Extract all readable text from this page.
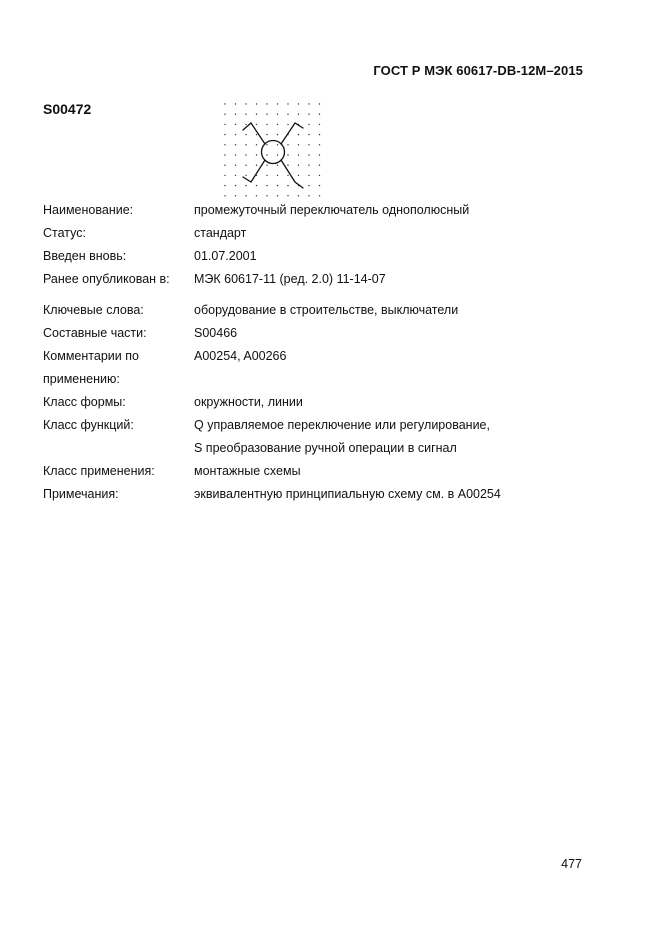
ГОСТ Р МЭК 60617-DB-12M–2015
S00472
Наименование:	промежуточный переключатель однополюсный
Статус:	стандарт
Введен вновь:	01.07.2001
Ранее опубликован в: МЭК 60617-11 (ред. 2.0) 11-14-07
Ключевые слова:	оборудование в строительстве, выключатели
Составные части:	S00466
Комментарии по	A00254, A00266
применению:
Класс формы:	окружности, линии
Класс функций:	Q управляемое переключение или регулирование,
S преобразование ручной операции в сигнал
Класс применения:	монтажные схемы
Примечания:	эквивалентную принципиальную схему см. в A00254
477
